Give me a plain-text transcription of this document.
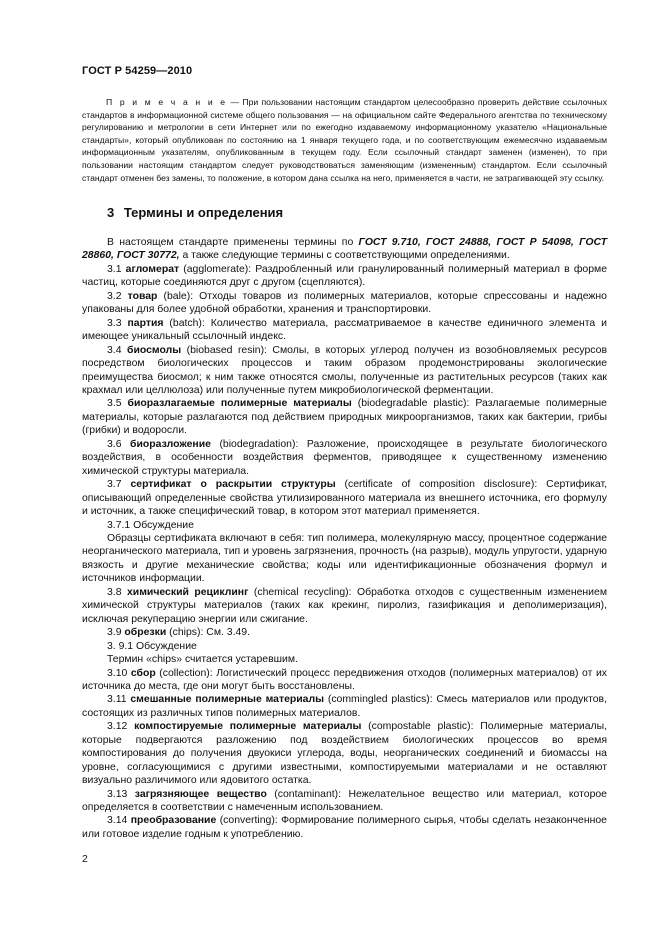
ГОСТ Р 54259—2010
П р и м е ч а н и е — При пользовании настоящим стандартом целесообразно проверить действие ссылочных стандартов в информационной системе общего пользования — на официальном сайте Федерального агентства по техническому регулированию и метрологии в сети Интернет или по ежегодно издаваемому информационному указателю «Национальные стандарты», который опубликован по состоянию на 1 января текущего года, и по соответствующим ежемесячно издаваемым информационным указателям, опубликованным в текущем году. Если ссылочный стандарт заменен (изменен), то при пользовании настоящим стандартом следует руководствоваться заменяющим (измененным) стандартом. Если ссылочный стандарт отменен без замены, то положение, в котором дана ссылка на него, применяется в части, не затрагивающей эту ссылку.
3 Термины и определения

В настоящем стандарте применены термины по ГОСТ 9.710, ГОСТ 24888, ГОСТ Р 54098, ГОСТ 28860, ГОСТ 30772, а также следующие термины с соответствующими определениями.

3.1 агломерат (agglomerate): Раздробленный или гранулированный полимерный материал в форме частиц, которые соединяются друг с другом (сцепляются).

3.2 товар (bale): Отходы товаров из полимерных материалов, которые спрессованы и надежно упакованы для более удобной обработки, хранения и транспортировки.

3.3 партия (batch): Количество материала, рассматриваемое в качестве единичного элемента и имеющее уникальный ссылочный индекс.

3.4 биосмолы (biobased resin): Смолы, в которых углерод получен из возобновляемых ресурсов посредством биологических процессов и таким образом продемонстрированы экологические преимущества биосмол; к ним также относятся смолы, полученные из растительных ресурсов (таких как крахмал или целлюлоза) или полученные путем микробиологической ферментации.

3.5 биоразлагаемые полимерные материалы (biodegradable plastic): Разлагаемые полимерные материалы, которые разлагаются под действием природных микроорганизмов, таких как бактерии, грибы (грибки) и водоросли.

3.6 биоразложение (biodegradation): Разложение, происходящее в результате биологического воздействия, в особенности воздействия ферментов, приводящее к существенному изменению химической структуры материала.

3.7 сертификат о раскрытии структуры (certificate of composition disclosure): Сертификат, описывающий определенные свойства утилизированного материала из внешнего источника, его формулу и источник, а также специфический товар, в котором этот материал применяется.

3.7.1 Обсуждение

Образцы сертификата включают в себя: тип полимера, молекулярную массу, процентное содержание неорганического материала, тип и уровень загрязнения, прочность (на разрыв), модуль упругости, ударную вязкость и другие механические свойства; коды или идентификационные обозначения формул и источников информации.

3.8 химический рециклинг (chemical recycling): Обработка отходов с существенным изменением химической структуры материалов (таких как крекинг, пиролиз, газификация и деполимеризация), исключая рекуперацию энергии или сжигание.

3.9 обрезки (chips): См. 3.49.

3. 9.1 Обсуждение

Термин «chips» считается устаревшим.

3.10 сбор (collection): Логистический процесс передвижения отходов (полимерных материалов) от их источника до места, где они могут быть восстановлены.

3.11 смешанные полимерные материалы (commingled plastics): Смесь материалов или продуктов, состоящих из различных типов полимерных материалов.

3.12 компостируемые полимерные материалы (compostable plastic): Полимерные материалы, которые подвергаются разложению под воздействием биологических процессов во время компостирования до получения двуокиси углерода, воды, неорганических соединений и биомассы на уровне, согласующимися с другими известными, компостируемыми материалами и не оставляют визуально различимого или ядовитого остатка.

3.13 загрязняющее вещество (contaminant): Нежелательное вещество или материал, которое определяется в соответствии с намеченным использованием.

3.14 преобразование (converting): Формирование полимерного сырья, чтобы сделать незаконченное или готовое изделие годным к употреблению.

2
